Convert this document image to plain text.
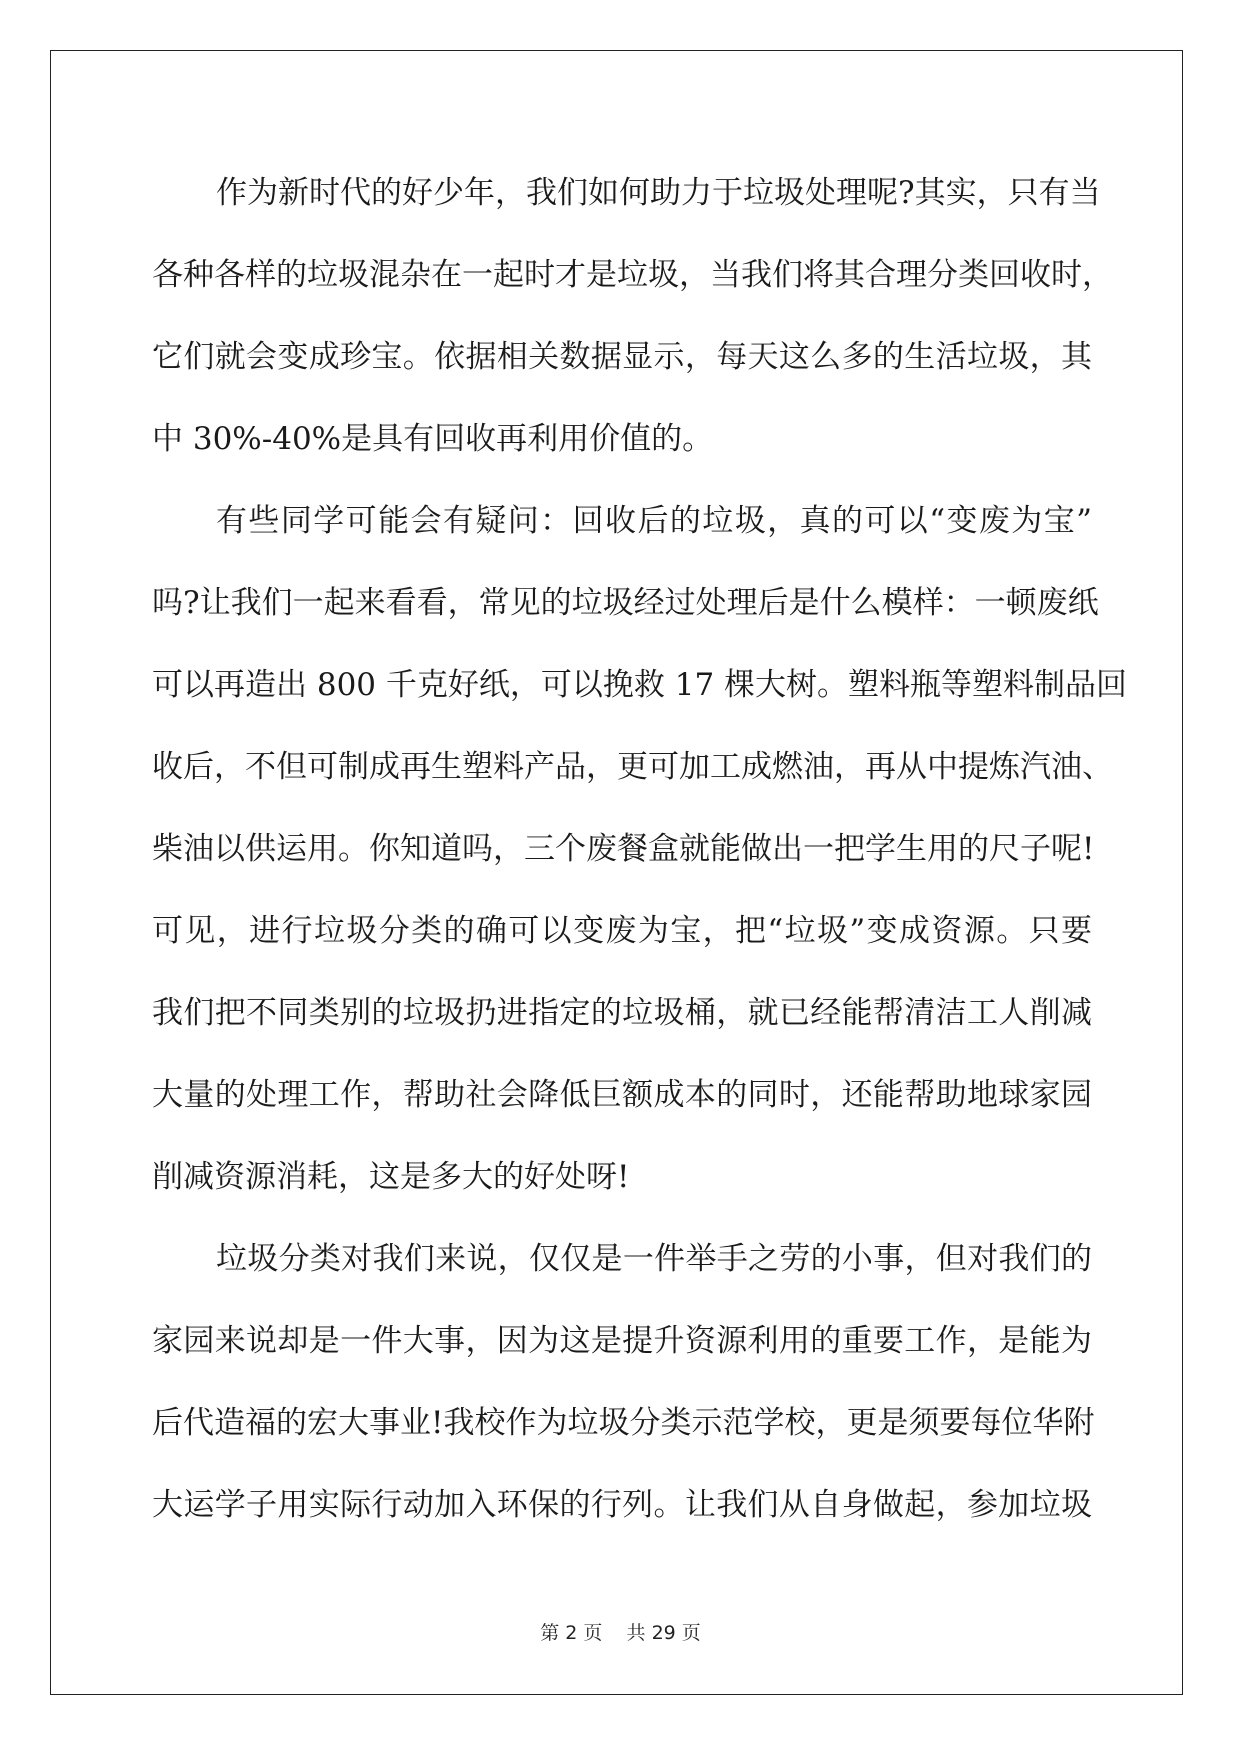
作为新时代的好少年，我们如何助力于垃圾处理呢?其实，只有当
各种各样的垃圾混杂在一起时才是垃圾，当我们将其合理分类回收时，
它们就会变成珍宝。依据相关数据显示，每天这么多的生活垃圾，其
中 30%-40%是具有回收再利用价值的。
有些同学可能会有疑问：回收后的垃圾，真的可以“变废为宝”
吗?让我们一起来看看，常见的垃圾经过处理后是什么模样：一顿废纸
可以再造出 800 千克好纸，可以挽救 17 棵大树。塑料瓶等塑料制品回
收后，不但可制成再生塑料产品，更可加工成燃油，再从中提炼汽油、
柴油以供运用。你知道吗，三个废餐盒就能做出一把学生用的尺子呢!
可见，进行垃圾分类的确可以变废为宝，把“垃圾”变成资源。只要
我们把不同类别的垃圾扔进指定的垃圾桶，就已经能帮清洁工人削减
大量的处理工作，帮助社会降低巨额成本的同时，还能帮助地球家园
削减资源消耗，这是多大的好处呀!
垃圾分类对我们来说，仅仅是一件举手之劳的小事，但对我们的
家园来说却是一件大事，因为这是提升资源利用的重要工作，是能为
后代造福的宏大事业!我校作为垃圾分类示范学校，更是须要每位华附
大运学子用实际行动加入环保的行列。让我们从自身做起，参加垃圾
第 2 页 共 29 页
